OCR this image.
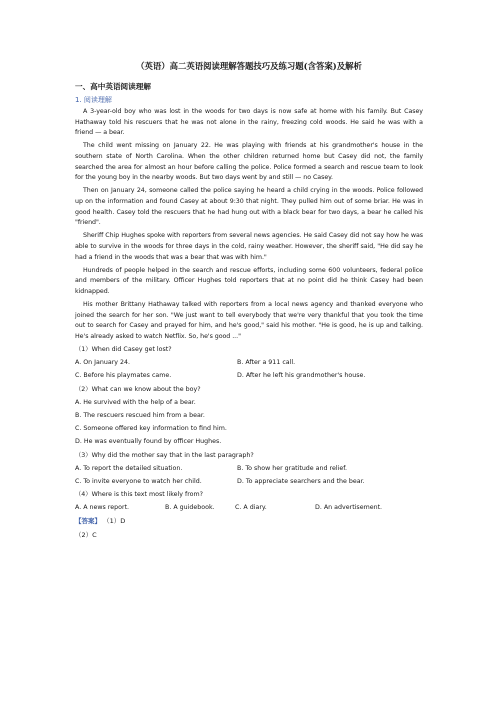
（英语）高二英语阅读理解答题技巧及练习题(含答案)及解析
一、高中英语阅读理解
1. 阅读理解
A 3-year-old boy who was lost in the woods for two days is now safe at home with his family. But Casey Hathaway told his rescuers that he was not alone in the rainy, freezing cold woods. He said he was with a friend — a bear.
The child went missing on January 22. He was playing with friends at his grandmother's house in the southern state of North Carolina. When the other children returned home but Casey did not, the family searched the area for almost an hour before calling the police. Police formed a search and rescue team to look for the young boy in the nearby woods. But two days went by and still — no Casey.
Then on January 24, someone called the police saying he heard a child crying in the woods. Police followed up on the information and found Casey at about 9:30 that night. They pulled him out of some briar. He was in good health. Casey told the rescuers that he had hung out with a black bear for two days, a bear he called his "friend".
Sheriff Chip Hughes spoke with reporters from several news agencies. He said Casey did not say how he was able to survive in the woods for three days in the cold, rainy weather. However, the sheriff said, "He did say he had a friend in the woods that was a bear that was with him."
Hundreds of people helped in the search and rescue efforts, including some 600 volunteers, federal police and members of the military. Officer Hughes told reporters that at no point did he think Casey had been kidnapped.
His mother Brittany Hathaway talked with reporters from a local news agency and thanked everyone who joined the search for her son. "We just want to tell everybody that we're very thankful that you took the time out to search for Casey and prayed for him, and he's good," said his mother. "He is good, he is up and talking. He's already asked to watch Netflix. So, he's good ..."
（1）When did Casey get lost?
A. On January 24.	B. After a 911 call.
C. Before his playmates came.	D. After he left his grandmother's house.
（2）What can we know about the boy?
A. He survived with the help of a bear.
B. The rescuers rescued him from a bear.
C. Someone offered key information to find him.
D. He was eventually found by officer Hughes.
（3）Why did the mother say that in the last paragraph?
A. To report the detailed situation.	B. To show her gratitude and relief.
C. To invite everyone to watch her child.	D. To appreciate searchers and the bear.
（4）Where is this text most likely from?
A. A news report.	B. A guidebook.	C. A diary.	D. An advertisement.
【答案】 （1）D
（2）C
